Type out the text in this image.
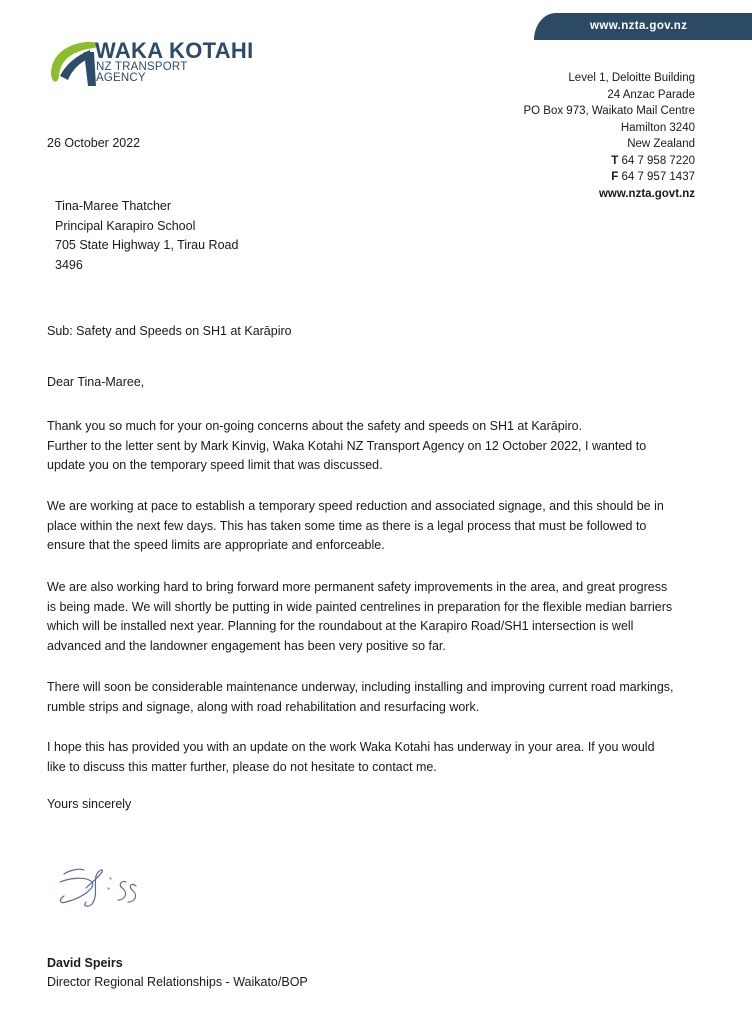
www.nzta.gov.nz
WAKA KOTAHI
NZ TRANSPORT
AGENCY	Level 1, Deloitte Building
24 Anzac Parade
PO Box 973, Waikato Mail Centre
Hamilton 3240
New Zealand
T 64 7 958 7220
F 64 7 957 1437
www.nzta.govt.nz
26 October 2022
Tina-Maree Thatcher
Principal Karapiro School
705 State Highway 1, Tirau Road
3496
Sub: Safety and Speeds on SH1 at Karāpiro
Dear Tina-Maree,
Thank you so much for your on-going concerns about the safety and speeds on SH1 at Karāpiro.
Further to the letter sent by Mark Kinvig, Waka Kotahi NZ Transport Agency on 12 October 2022, I wanted to
update you on the temporary speed limit that was discussed.
We are working at pace to establish a temporary speed reduction and associated signage, and this should be in
place within the next few days. This has taken some time as there is a legal process that must be followed to
ensure that the speed limits are appropriate and enforceable.
We are also working hard to bring forward more permanent safety improvements in the area, and great progress
is being made. We will shortly be putting in wide painted centrelines in preparation for the flexible median barriers
which will be installed next year. Planning for the roundabout at the Karapiro Road/SH1 intersection is well
advanced and the landowner engagement has been very positive so far.
There will soon be considerable maintenance underway, including installing and improving current road markings,
rumble strips and signage, along with road rehabilitation and resurfacing work.
I hope this has provided you with an update on the work Waka Kotahi has underway in your area. If you would
like to discuss this matter further, please do not hesitate to contact me.
Yours sincerely
David Speirs
Director Regional Relationships - Waikato/BOP
